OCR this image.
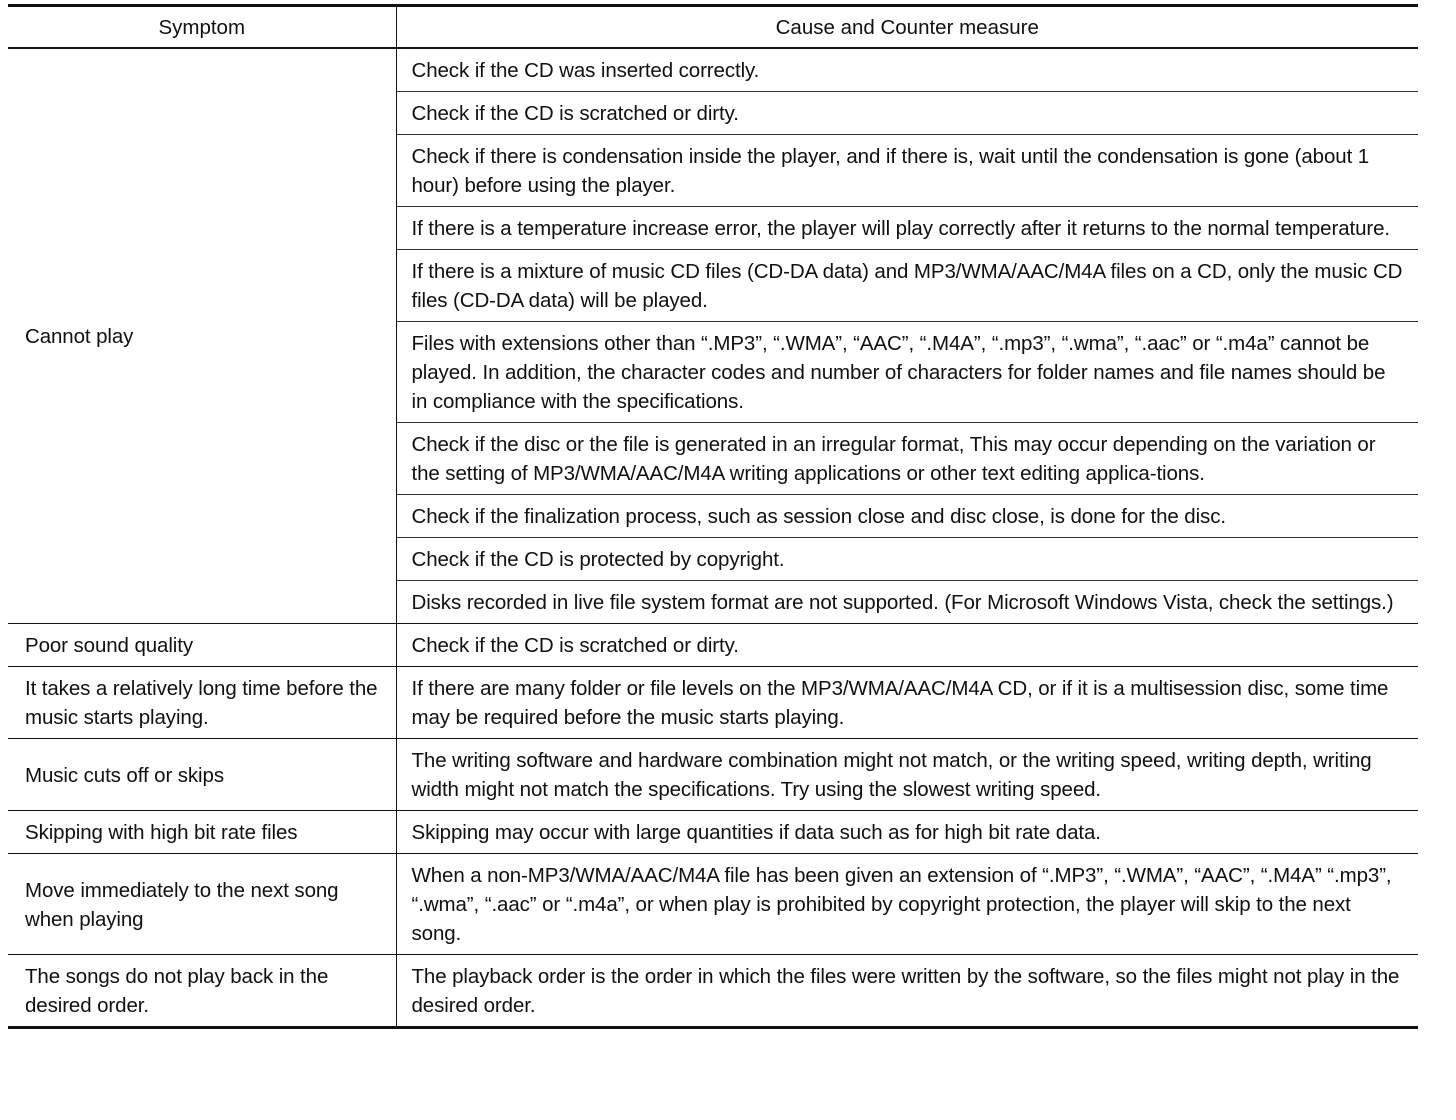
Symptom	Cause and Counter measure
Cannot play	Check if the CD was inserted correctly.
	Check if the CD is scratched or dirty.
	Check if there is condensation inside the player, and if there is, wait until the condensation is gone (about 1 hour) before using the player.
	If there is a temperature increase error, the player will play correctly after it returns to the normal temperature.
	If there is a mixture of music CD files (CD-DA data) and MP3/WMA/AAC/M4A files on a CD, only the music CD files (CD-DA data) will be played.
	Files with extensions other than “.MP3”, “.WMA”, “AAC”, “.M4A”, “.mp3”, “.wma”, “.aac” or “.m4a” cannot be played. In addition, the character codes and number of characters for folder names and file names should be in compliance with the specifications.
	Check if the disc or the file is generated in an irregular format, This may occur depending on the variation or the setting of MP3/WMA/AAC/M4A writing applications or other text editing applica-tions.
	Check if the finalization process, such as session close and disc close, is done for the disc.
	Check if the CD is protected by copyright.
	Disks recorded in live file system format are not supported. (For Microsoft Windows Vista, check the settings.)
Poor sound quality	Check if the CD is scratched or dirty.
It takes a relatively long time before the music starts playing.	If there are many folder or file levels on the MP3/WMA/AAC/M4A CD, or if it is a multisession disc, some time may be required before the music starts playing.
Music cuts off or skips	The writing software and hardware combination might not match, or the writing speed, writing depth, writing width might not match the specifications. Try using the slowest writing speed.
Skipping with high bit rate files	Skipping may occur with large quantities if data such as for high bit rate data.
Move immediately to the next song when playing	When a non-MP3/WMA/AAC/M4A file has been given an extension of “.MP3”, “.WMA”, “AAC”, “.M4A” “.mp3”, “.wma”, “.aac” or “.m4a”, or when play is prohibited by copyright protection, the player will skip to the next song.
The songs do not play back in the desired order.	The playback order is the order in which the files were written by the software, so the files might not play in the desired order.
